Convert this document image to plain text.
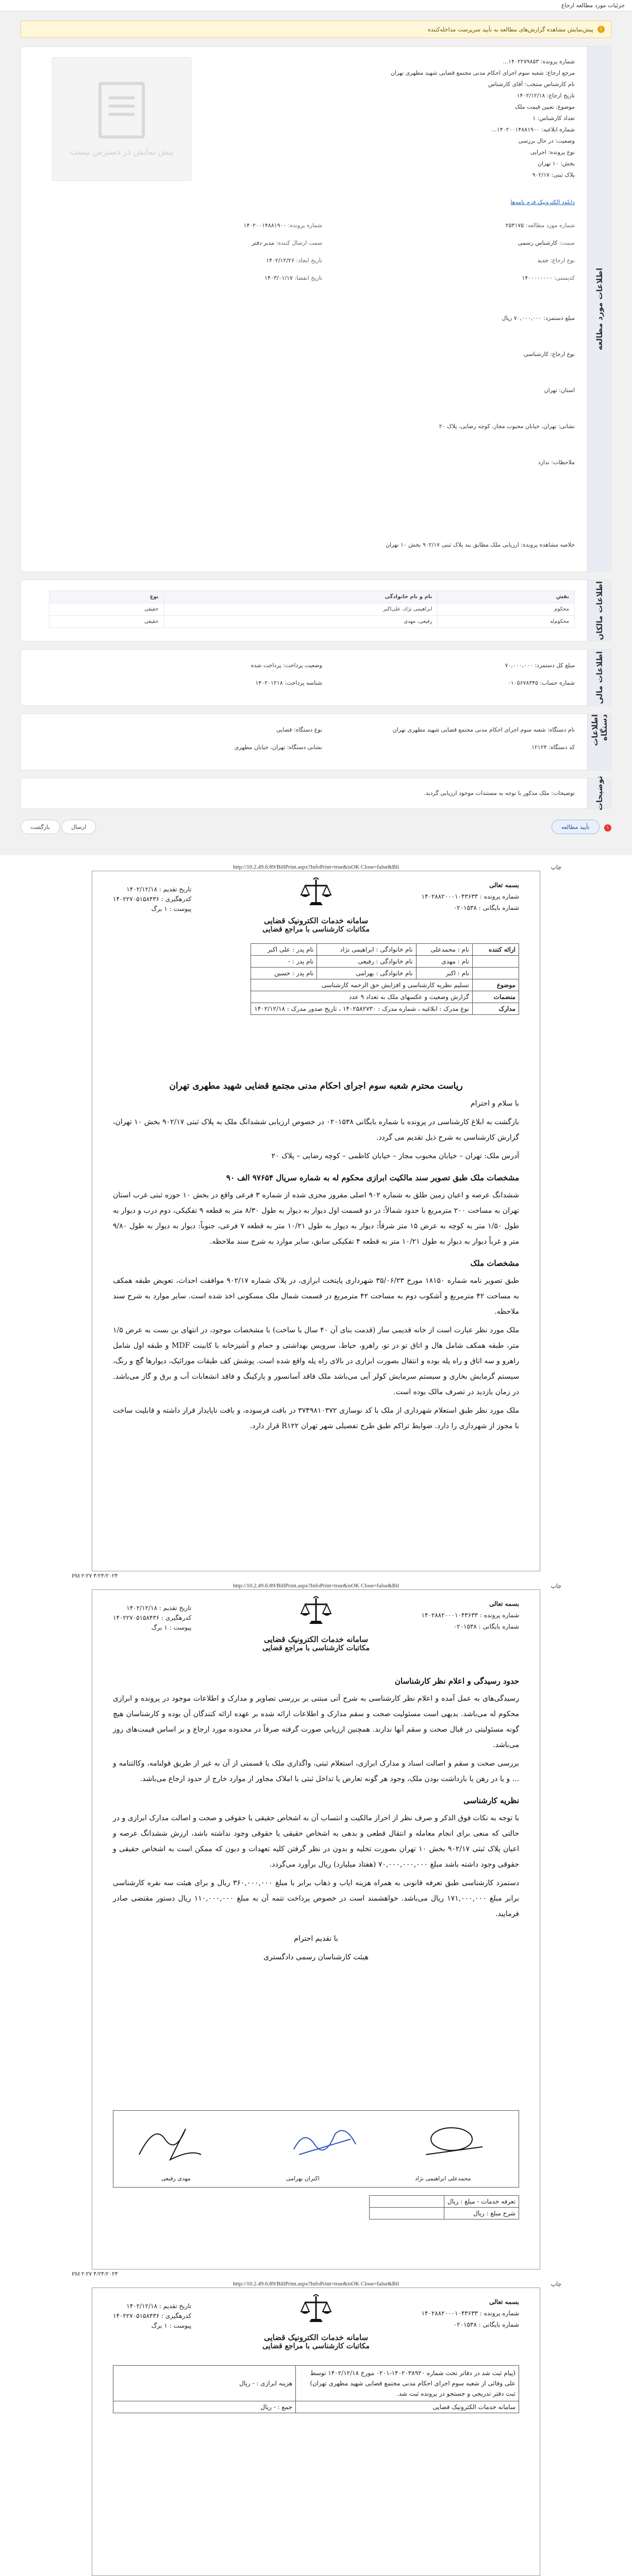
جزئیات مورد مطالعه ارجاع
!
پیش‌نمایش مشاهده گزارش‌های مطالعه به تأیید سرپرست مداخله‌کننده
اطلاعات مورد مطالعه
پیش نمایش در دسترس نیست
شماره پرونده: ۱۴۰۲۲۷۹۸۵۳...
مرجع ارجاع: شعبه سوم اجرای احکام مدنی مجتمع قضایی شهید مطهری تهران
نام کارشناس منتخب: آقای کارشناس
تاریخ ارجاع: ۱۴۰۲/۱۲/۱۸
موضوع: تعیین قیمت ملک
تعداد کارشناس: ۱
شماره ابلاغیه: ۱۴۰۲۰۰۱۴۸۸۱۹۰۰...
وضعیت: در حال بررسی
نوع پرونده: اجرایی
بخش: ۱۰ تهران
پلاک ثبتی: ۹۰۲/۱۷
دانلود الکترونیک فرم نامه‌ها
شماره مورد مطالعه: ۲۵۳۱۷۵
شماره پرونده: ۱۴۰۲۰۰۱۴۸۸۱۹۰۰
سمت: کارشناس رسمی
سمت ارسال کننده: مدیر دفتر
نوع ارجاع: جدید
تاریخ ایجاد: ۱۴۰۲/۱۲/۲۶
کدپستی: ۱۴۰۰۰۰۰۰۰۰
تاریخ انقضا: ۱۴۰۳/۰۱/۱۷
مبلغ دستمزد: ۷۰,۰۰۰,۰۰۰ ریال
نوع ارجاع: کارشناسی
استان: تهران
نشانی: تهران، خیابان محبوب مجاز، کوچه رضایی، پلاک ۲۰
ملاحظات: ندارد
خلاصه مشاهده پرونده: ارزیابی ملک مطابق بند پلاک ثبتی ۹۰۲/۱۷ بخش ۱۰ تهران
اطلاعات مالکان
نقش	نام و نام خانوادگی	نوع
محکوم	ابراهیمی نژاد، علی‌اکبر	حقیقی
محکوم‌له	رفیعی، مهدی	حقیقی
اطلاعات مالی
مبلغ کل دستمزد: ۷۰,۰۰۰,۰۰۰
وضعیت پرداخت: پرداخت شده
شماره حساب: ۰۱۰۵۶۷۸۳۴۵
شناسه پرداخت: ۱۴۰۲۰۱۲۱۸
اطلاعات دستگاه
نام دستگاه: شعبه سوم اجرای احکام مدنی مجتمع قضایی شهید مطهری تهران
نوع دستگاه: قضایی
کد دستگاه: ۱۲۱۲۴
نشانی دستگاه: تهران، خیابان مطهری
توضیحات
توضیحات: ملک مذکور با توجه به مستندات موجود ارزیابی گردید.
۱ تأیید مطالعه
ارسال بازگشت
http://10.2.49.6:89/BillPrint.aspx?InfoPrint=true&isOK Close=false&Bil	چاپ
بسمه تعالی
شماره پرونده : ۱۴۰۲۸۸۲۰۰۰۱۰۴۳۶۳۳
شماره بایگانی : ۰۲۰۱۵۳۸
سامانه خدمات الکترونیک قضایی
مکاتبات کارشناسی با مراجع قضایی
تاریخ تقدیم : ۱۴۰۲/۱۲/۱۸
کدرهگیری : ۱۴۰۲۲۷۰۵۱۵۸۴۳۶
پیوست : ۱ برگ
ارائه کننده	نام : محمدعلی	نام خانوادگی : ابراهیمی نژاد	نام پدر : علی اکبر
	نام : مهدی	نام خانوادگی : رفیعی	نام پدر : -
	نام : اکبر	نام خانوادگی : بهرامی	نام پدر : حسین
موضوع	تسلیم نظریه کارشناسی و افزایش حق الزحمه کارشناسی		
منضمات	گزارش وضعیت و عکسهای ملک به تعداد ۹ عدد		
مدارک	نوع مدرک : ابلاغیه ، شماره مدرک : ۱۴۰۲۵۸۲۷۳۰ ، تاریخ صدور مدرک : ۱۴۰۲/۱۲/۱۸		
ریاست محترم شعبه سوم اجرای احکام مدنی مجتمع قضایی شهید مطهری تهران

با سلام و احترام

بازگشت به ابلاغ کارشناسی در پرونده با شماره بایگانی ۰۲۰۱۵۳۸ در خصوص ارزیابی ششدانگ ملک به پلاک ثبتی ۹۰۲/۱۷ بخش ۱۰ تهران، گزارش کارشناسی به شرح ذیل تقدیم می گردد.

آدرس ملک: تهران – خیابان محبوب مجاز – خیابان کاظمی – کوچه رضایی – پلاک ۲۰

مشخصات ملک طبق تصویر سند مالکیت ابرازی محکوم له به شماره سریال ۹۷۶۵۴ الف ۹۰

ششدانگ عرصه و اعیان زمین طلق به شماره ۹۰۲ اصلی مفروز مجزی شده از شماره ۳ فرعی واقع در بخش ۱۰ حوزه ثبتی غرب استان تهران به مساحت ۲۰۰ مترمربع با حدود شمالاً: در دو قسمت اول دیوار به دیوار به طول ۸/۳۰ متر به قطعه ۹ تفکیکی، دوم درب و دیوار به طول ۱/۵۰ متر به کوچه به عرض ۱۵ متر شرقاً: دیوار به دیوار به طول ۱۰/۲۱ متر به قطعه ۷ فرعی، جنوباً: دیوار به دیوار به طول ۹/۸۰ متر و غرباً دیوار به دیوار به طول ۱۰/۲۱ متر به قطعه ۴ تفکیکی سابق، سایر موارد به شرح سند ملاحظه.

مشخصات ملک

طبق تصویر نامه شماره ۱۸۱۵۰ مورخ ۳۵/۰۶/۲۳ شهرداری پایتخت ابرازی، در پلاک شماره ۹۰۲/۱۷ موافقت احداث، تعویض طبقه همکف به مساحت ۴۲ مترمربع و آشکوب دوم به مساحت ۴۲ مترمربع در قسمت شمال ملک مسکونی اخذ شده است. سایر موارد به شرح سند ملاحظه.

ملک مورد نظر عبارت است از خانه قدیمی ساز (قدمت بنای آن ۴۰ سال با ساخت) با مشخصات موجود، در انتهای بن بست به عرض ۱/۵ متر، طبقه همکف شامل هال و اتاق تو در تو، راهرو، حیاط، سرویس بهداشتی و حمام و آشپزخانه با کابینت MDF و طبقه اول شامل راهرو و سه اتاق و راه پله بوده و انتقال بصورت ابزاری در بالای راه پله واقع شده است. پوشش کف طبقات موزائیک، دیوارها گچ و رنگ، سیستم گرمایش بخاری و سیستم سرمایش کولر آبی می‌باشد ملک فاقد آسانسور و پارکینگ و فاقد انشعابات آب و برق و گاز می‌باشد. در زمان بازدید در تصرف مالک بوده است.

ملک مورد نظر طبق استعلام شهرداری از ملک با کد نوسازی ۳۷۴۹۸۱۰۳۷۲ در بافت فرسوده، و بافت ناپایدار قرار داشته و قابلیت ساخت با مجوز از شهرداری را دارد. ضوابط تراکم طبق طرح تفصیلی شهر تهران R۱۲۲ قرار دارد.

۴/۲۴/۲۰۲۴ ۲:۲۷ PM
http://10.2.49.6:89/BillPrint.aspx?InfoPrint=true&isOK Close=false&Bil	چاپ
بسمه تعالی
شماره پرونده : ۱۴۰۲۸۸۲۰۰۰۱۰۴۳۶۳۳
شماره بایگانی : ۰۲۰۱۵۳۸
سامانه خدمات الکترونیک قضایی
مکاتبات کارشناسی با مراجع قضایی
تاریخ تقدیم : ۱۴۰۲/۱۲/۱۸
کدرهگیری : ۱۴۰۲۲۷۰۵۱۵۸۴۳۶
پیوست : ۱ برگ
حدود رسیدگی و اعلام نظر کارشناسان

رسیدگی‌های به عمل آمده و اعلام نظر کارشناسی به شرح آتی مبتنی بر بررسی تصاویر و مدارک و اطلاعات موجود در پرونده و ابرازی محکوم له می‌باشد. بدیهی است مسئولیت صحت و سقم مدارک و اطلاعات ارائه شده بر عهده ارائه کنندگان آن بوده و کارشناسان هیچ گونه مسئولیتی در قبال صحت و سقم آنها ندارند. همچنین ارزیابی صورت گرفته صرفاً در محدوده مورد ارجاع و بر اساس قیمت‌های روز می‌باشد.

بررسی صحت و سقم و اصالت اسناد و مدارک ابرازی، استعلام ثبتی، واگذاری ملک یا قسمتی از آن به غیر از طریق قولنامه، وکالتنامه و ... و یا در رهن یا بازداشت بودن ملک، وجود هر گونه تعارض یا تداخل ثبتی با املاک مجاور از موارد خارج از حدود ارجاع می‌باشد.

نظریه کارشناسی

با توجه به نکات فوق الذکر و صرف نظر از احراز مالکیت و انتساب آن به اشخاص حقیقی یا حقوقی و صحت و اصالت مدارک ابرازی و در حالتی که منعی برای انجام معامله و انتقال قطعی و بدهی به اشخاص حقیقی یا حقوقی وجود نداشته باشد، ارزش ششدانگ عرصه و اعیان پلاک ثبتی ۹۰۲/۱۷ بخش ۱۰ تهران بصورت تخلیه و بدون در نظر گرفتن کلیه تعهدات و دیون که ممکن است به اشخاص حقیقی و حقوقی وجود داشته باشد مبلغ ۷۰,۰۰۰,۰۰۰,۰۰۰ (هفتاد میلیارد) ریال برآورد می‌گردد.

دستمزد کارشناسی طبق تعرفه قانونی به همراه هزینه ایاب و ذهاب برابر با مبلغ ۳۶۰,۰۰۰,۰۰۰ ریال و برای هیئت سه نفره کارشناسی برابر مبلغ ۱۷۱,۰۰۰,۰۰۰ ریال می‌باشد. خواهشمند است در خصوص پرداخت تتمه آن به مبلغ ۱۱۰,۰۰۰,۰۰۰ ریال دستور مقتضی صادر فرمایید.

با تقدیم احترام

هیئت کارشناسان رسمی دادگستری

محمدعلی ابراهیمی نژاد
اکبران بهرامی
مهدی رفیعی
تعرفه خدمات - مبلغ : ریال	
شرح مبلغ : ریال	
۴/۲۴/۲۰۲۴ ۲:۲۷ PM
http://10.2.49.6:89/BillPrint.aspx?InfoPrint=true&isOK Close=false&Bil	چاپ
بسمه تعالی
شماره پرونده : ۱۴۰۲۸۸۲۰۰۰۱۰۴۳۶۳۳
شماره بایگانی : ۰۲۰۱۵۳۸
سامانه خدمات الکترونیک قضایی
مکاتبات کارشناسی با مراجع قضایی
تاریخ تقدیم : ۱۴۰۲/۱۲/۱۸
کدرهگیری : ۱۴۰۲۲۷۰۵۱۵۸۴۳۶
پیوست : ۱ برگ
(پیام ثبت شد در دفاتر تحت شماره ۱۴۰۲۰۳۸۹۲۰-۰۲۰۱ مورخ ۱۴۰۲/۱۲/۱۸ توسط علی وفائی از شعبه سوم اجرای احکام مدنی مجتمع قضایی شهید مطهری تهران) ثبت دفتر تدریجی و جستجو در پرونده ثبت شد.	هزینه ابرازی : - ریال
سامانه خدمات الکترونیک قضایی	جمع : - ریال
